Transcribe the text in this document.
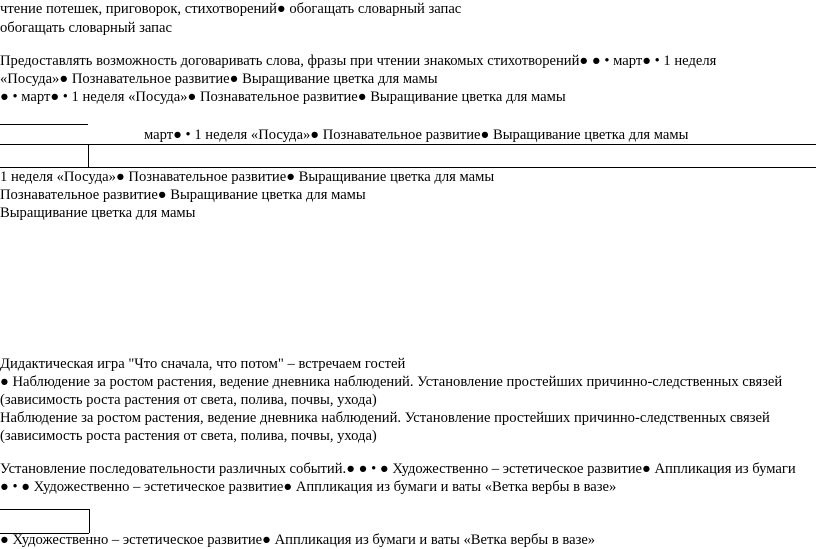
чтение потешек, приговорок, стихотворений● обогащать словарный запас
обогащать словарный запас
Предоставлять возможность договаривать слова, фразы при чтении знакомых стихотворений● ● • март● • 1 неделя
«Посуда»● Познавательное развитие● Выращивание цветка для мамы
● • март● • 1 неделя «Посуда»● Познавательное развитие● Выращивание цветка для мамы
март● • 1 неделя «Посуда»● Познавательное развитие● Выращивание цветка для мамы
1 неделя «Посуда»● Познавательное развитие● Выращивание цветка для мамы
Познавательное развитие● Выращивание цветка для мамы
Выращивание цветка для мамы
Дидактическая игра "Что сначала, что потом" – встречаем гостей
● Наблюдение за ростом растения, ведение дневника наблюдений. Установление простейших причинно-следственных связей
(зависимость роста растения от света, полива, почвы, ухода)
Наблюдение за ростом растения, ведение дневника наблюдений. Установление простейших причинно-следственных связей
(зависимость роста растения от света, полива, почвы, ухода)
Установление последовательности различных событий.● ● • ● Художественно – эстетическое развитие● Аппликация из бумаги
● • ● Художественно – эстетическое развитие● Аппликация из бумаги и ваты «Ветка вербы в вазе»
● Художественно – эстетическое развитие● Аппликация из бумаги и ваты «Ветка вербы в вазе»
